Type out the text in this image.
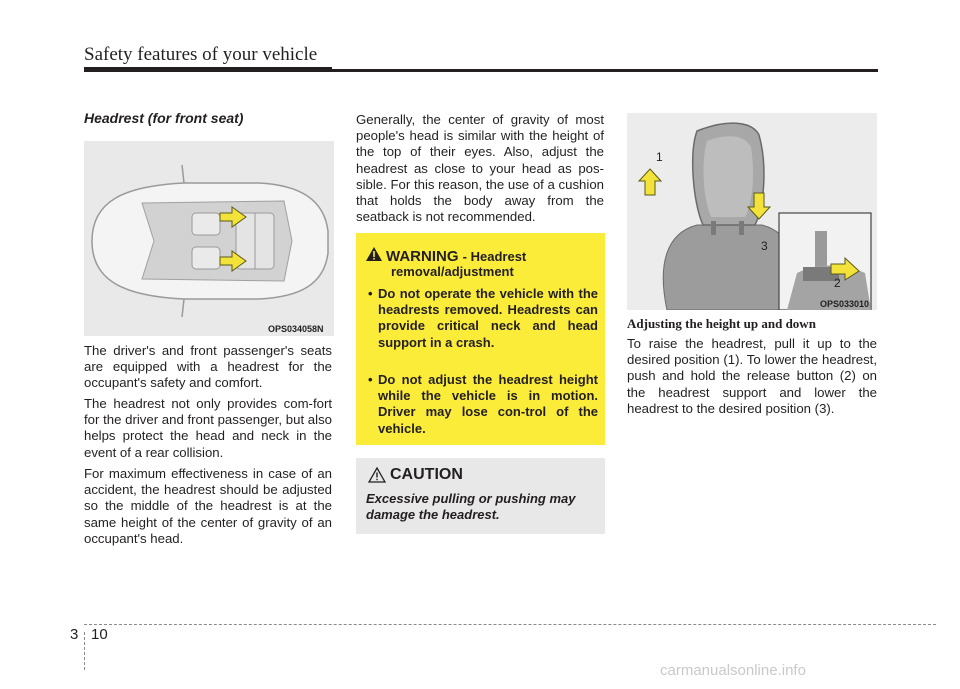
Safety features of your vehicle
Headrest (for front seat)
OPS034058N
The driver's and front passenger's seats are equipped with a headrest for the occupant's safety and comfort.
The headrest not only provides com-fort for the driver and front passenger, but also helps protect the head and neck in the event of a rear collision.
For maximum effectiveness in case of an accident, the headrest should be adjusted so the middle of the headrest is at the same height of the center of gravity of an occupant's head.
Generally, the center of gravity of most people's head is similar with the height of the top of their eyes. Also, adjust the headrest as close to your head as pos-sible. For this reason, the use of a cushion that holds the body away from the seatback is not recommended.
WARNING - Headrest
removal/adjustment
• Do not operate the vehicle with the headrests removed. Headrests can provide critical neck and head support in a crash.
• Do not adjust the headrest height while the vehicle is in motion. Driver may lose con-trol of the vehicle.
CAUTION
Excessive pulling or pushing may damage the headrest.
1
3
2
OPS033010
Adjusting the height up and down
To raise the headrest, pull it up to the desired position (1). To lower the headrest, push and hold the release button (2) on the headrest support and lower the headrest to the desired position (3).
3 10
carmanualsonline.info
